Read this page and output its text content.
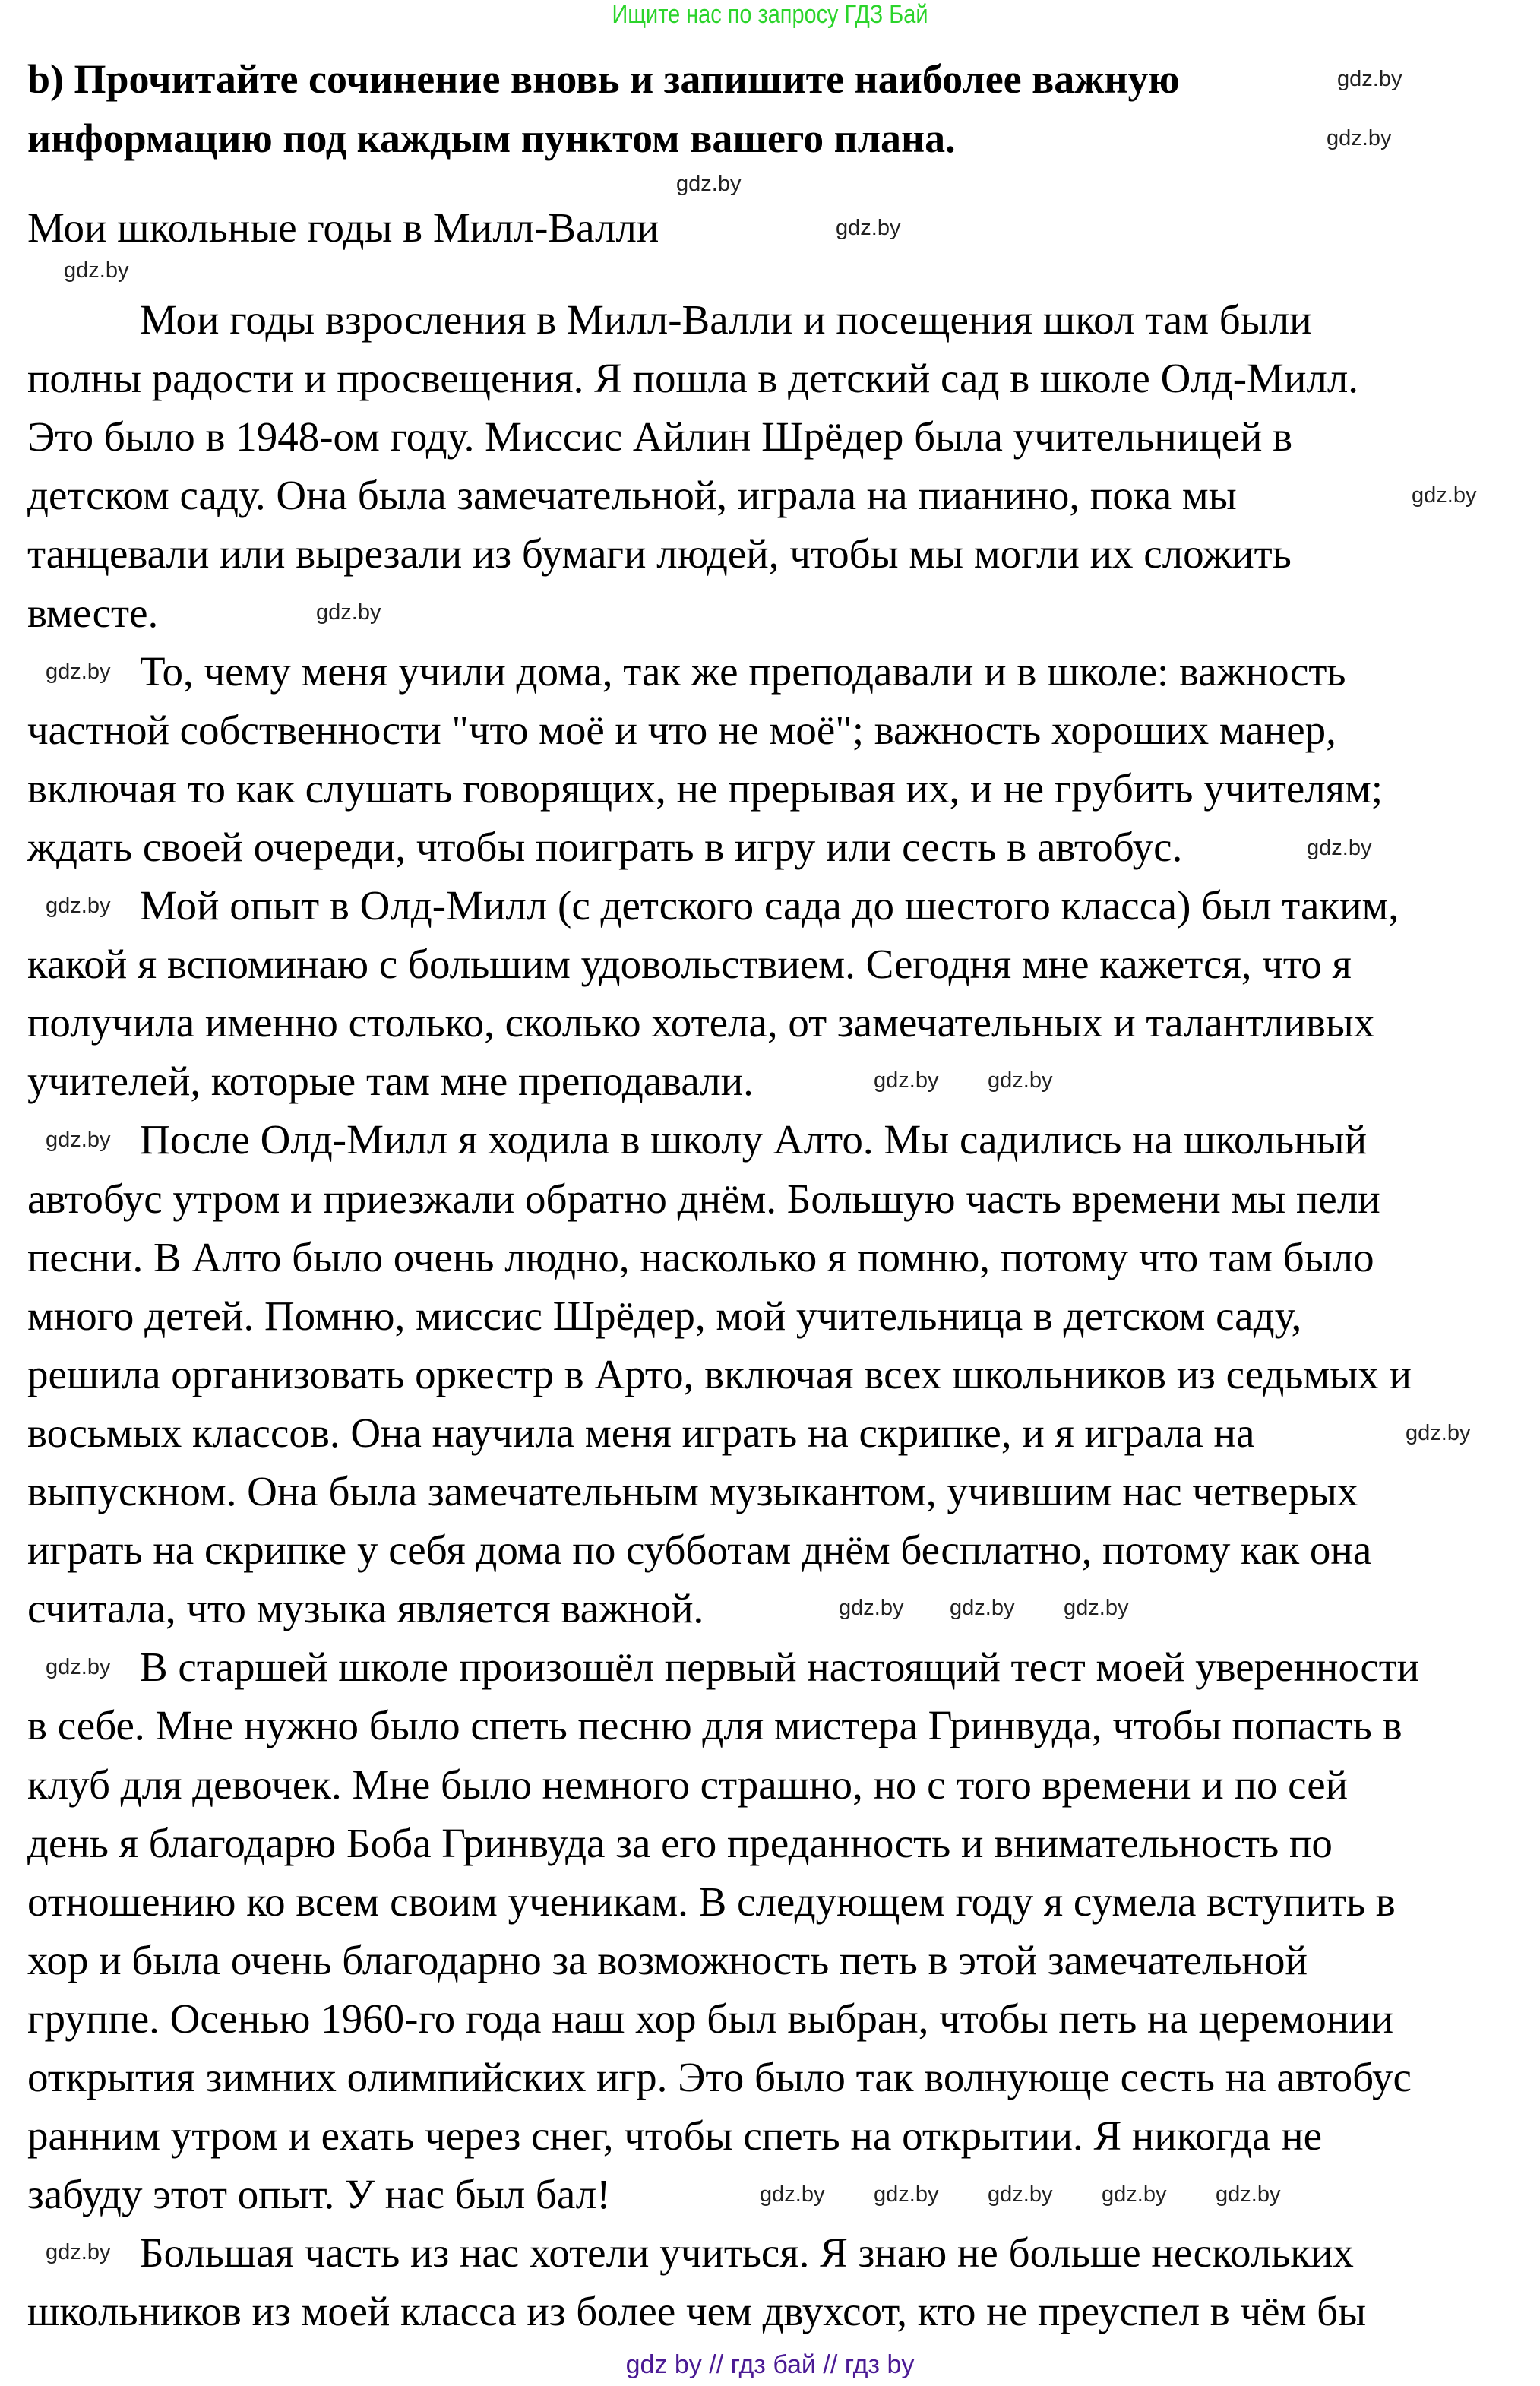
Ищите нас по запросу ГДЗ Бай
b) Прочитайте сочинение вновь и запишите наиболее важную
информацию под каждым пунктом вашего плана.
Мои школьные годы в Милл-Валли
Мои годы взросления в Милл-Валли и посещения школ там были
полны радости и просвещения. Я пошла в детский сад в школе Олд-Милл.
Это было в 1948-ом году. Миссис Айлин Шрёдер была учительницей в
детском саду. Она была замечательной, играла на пианино, пока мы
танцевали или вырезали из бумаги людей, чтобы мы могли их сложить
вместе.
То, чему меня учили дома, так же преподавали и в школе: важность
частной собственности "что моё и что не моё"; важность хороших манер,
включая то как слушать говорящих, не прерывая их, и не грубить учителям;
ждать своей очереди, чтобы поиграть в игру или сесть в автобус.
Мой опыт в Олд-Милл (с детского сада до шестого класса) был таким,
какой я вспоминаю с большим удовольствием. Сегодня мне кажется, что я
получила именно столько, сколько хотела, от замечательных и талантливых
учителей, которые там мне преподавали.
После Олд-Милл я ходила в школу Алто. Мы садились на школьный
автобус утром и приезжали обратно днём. Большую часть времени мы пели
песни. В Алто было очень людно, насколько я помню, потому что там было
много детей. Помню, миссис Шрёдер, мой учительница в детском саду,
решила организовать оркестр в Арто, включая всех школьников из седьмых и
восьмых классов. Она научила меня играть на скрипке, и я играла на
выпускном. Она была замечательным музыкантом, учившим нас четверых
играть на скрипке у себя дома по субботам днём бесплатно, потому как она
считала, что музыка является важной.
В старшей школе произошёл первый настоящий тест моей уверенности
в себе. Мне нужно было спеть песню для мистера Гринвуда, чтобы попасть в
клуб для девочек. Мне было немного страшно, но с того времени и по сей
день я благодарю Боба Гринвуда за его преданность и внимательность по
отношению ко всем своим ученикам. В следующем году я сумела вступить в
хор и была очень благодарно за возможность петь в этой замечательной
группе. Осенью 1960-го года наш хор был выбран, чтобы петь на церемонии
открытия зимних олимпийских игр. Это было так волнующе сесть на автобус
ранним утром и ехать через снег, чтобы спеть на открытии. Я никогда не
забуду этот опыт. У нас был бал!
Большая часть из нас хотели учиться. Я знаю не больше нескольких
школьников из моей класса из более чем двухсот, кто не преуспел в чём бы
gdz.by
gdz.by
gdz.by
gdz.by
gdz.by
gdz.by
gdz.by
gdz.by
gdz.by
gdz.by gdz.by
gdz.by
gdz.by
gdz.by gdz.by gdz.by
gdz.by
gdz.by gdz.by gdz.by gdz.by gdz.by
gdz.by
gdz.by
gdz by // гдз бай // гдз by
